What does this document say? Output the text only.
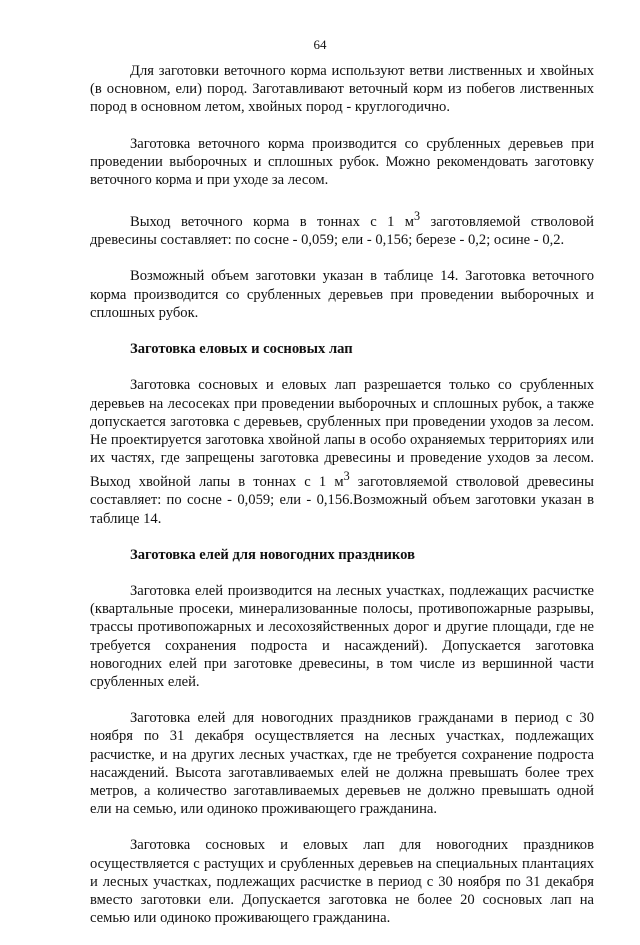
64

Для заготовки веточного корма используют ветви лиственных и хвойных (в основном, ели) пород. Заготавливают веточный корм из побегов лиственных пород в основном летом, хвойных пород - круглогодично.

Заготовка веточного корма производится со срубленных деревьев при проведении выборочных и сплошных рубок. Можно рекомендовать заготовку веточного корма и при уходе за лесом.

Выход веточного корма в тоннах с 1 $м^3$ заготовляемой стволовой древесины составляет: по сосне - 0,059; ели - 0,156; березе - 0,2; осине - 0,2.

Возможный объем заготовки указан в таблице 14. Заготовка веточного корма производится со срубленных деревьев при проведении выборочных и сплошных рубок.

Заготовка еловых и сосновых лап

Заготовка сосновых и еловых лап разрешается только со срубленных деревьев на лесосеках при проведении выборочных и сплошных рубок, а также допускается заготовка с деревьев, срубленных при проведении уходов за лесом. Не проектируется заготовка хвойной лапы в особо охраняемых территориях или их частях, где запрещены заготовка древесины и проведение уходов за лесом. Выход хвойной лапы в тоннах с 1 $м^3$ заготовляемой стволовой древесины составляет: по сосне - 0,059; ели - 0,156.Возможный объем заготовки указан в таблице 14.

Заготовка елей для новогодних праздников

Заготовка елей производится на лесных участках, подлежащих расчистке (квартальные просеки, минерализованные полосы, противопожарные разрывы, трассы противопожарных и лесохозяйственных дорог и другие площади, где не требуется сохранения подроста и насаждений). Допускается заготовка новогодних елей при заготовке древесины, в том числе из вершинной части срубленных елей.

Заготовка елей для новогодних праздников гражданами в период с 30 ноября по 31 декабря осуществляется на лесных участках, подлежащих расчистке, и на других лесных участках, где не требуется сохранение подроста насаждений. Высота заготавливаемых елей не должна превышать более трех метров, а количество заготавливаемых деревьев не должно превышать одной ели на семью, или одиноко проживающего гражданина.

Заготовка сосновых и еловых лап для новогодних праздников осуществляется с растущих и срубленных деревьев на специальных плантациях и лесных участках, подлежащих расчистке в период с 30 ноября по 31 декабря вместо заготовки ели. Допускается заготовка не более 20 сосновых лап на семью или одиноко проживающего гражданина.
